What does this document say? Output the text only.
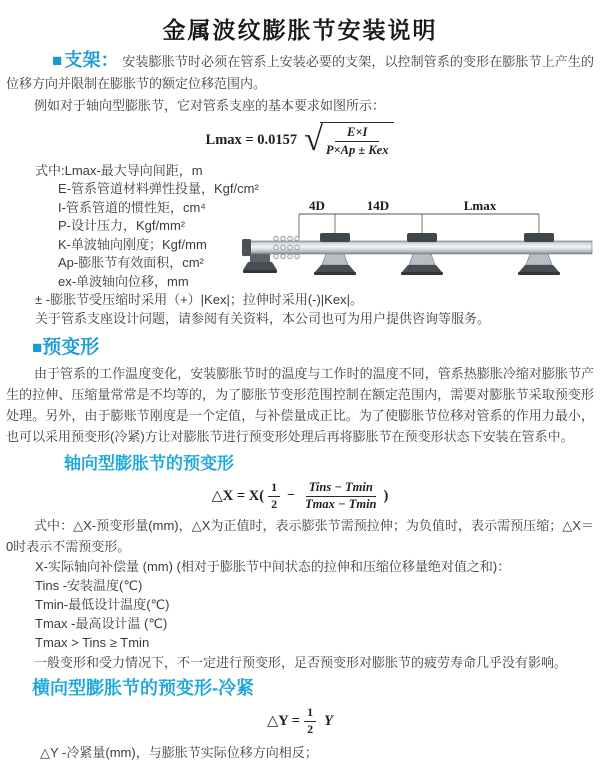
金属波纹膨胀节安装说明

■ 支架： 安装膨胀节时必须在管系上安装必要的支架，以控制管系的变形在膨胀节上产生的位移方向并限制在膨胀节的额定位移范围内。

例如对于轴向型膨胀节，它对管系支座的基本要求如图所示：

Lmax = 0.0157 √
$\frac{E\times I}{\text{P×Ap ± Kex}}$
式中:Lmax-最大导向间距，m
E-管系管道材料弹性投量，Kgf/cm²
I-管系管道的惯性矩，cm⁴
P-设计压力，Kgf/mm²
K-单波轴向刚度；Kgf/mm
Ap-膨胀节有效面积，cm²
ex-单波轴向位移，mm
± -膨胀节受压缩时采用（+）|Kex|；拉伸时采用(-)|Kex|。
关于管系支座设计问题，请参阅有关资料，本公司也可为用户提供咨询等服务。
4D	14D	Lmax
■预变形

由于管系的工作温度变化，安装膨胀节时的温度与工作时的温度不同，管系热膨胀冷缩对膨胀节产生的拉伸、压缩量常常是不均等的，为了膨胀节变形范围控制在额定范围内，需要对膨胀节采取预变形处理。另外，由于膨账节刚度是一个定值，与补偿量成正比。为了使膨胀节位移对管系的作用力最小，也可以采用预变形(冷紧)方让对膨胀节进行预变形处理后再将膨胀节在预变形状态下安装在管系中。

轴向型膨胀节的预变形
△X = $X( \frac{1}{2} - \frac{\text{Tins − Tmin}}{Tmax - Tmin}$ )

式中：△X-预变形量(mm)，△X为正值时，表示膨张节需预拉伸；为负值时，表示需预压缩；△X＝0时表示不需预变形。

X-实际轴向补偿量 (mm) (相对于膨胀节中间状态的拉伸和压缩位移量绝对值之和)：
Tins -安装温度(℃)
Tmin-最低设计温度(℃)
Tmax -最高设计温 (℃)
Tmax > Tins ≥ Tmin

一般变形和受力情况下，不一定进行预变形，足否预变形对膨胀节的疲劳寿命几乎没有影响。

横向型膨胀节的预变形-冷紧
△Y = $\frac{1}{2}$ Y

△Y -冷紧量(mm)，与膨胀节实际位移方向相反；
